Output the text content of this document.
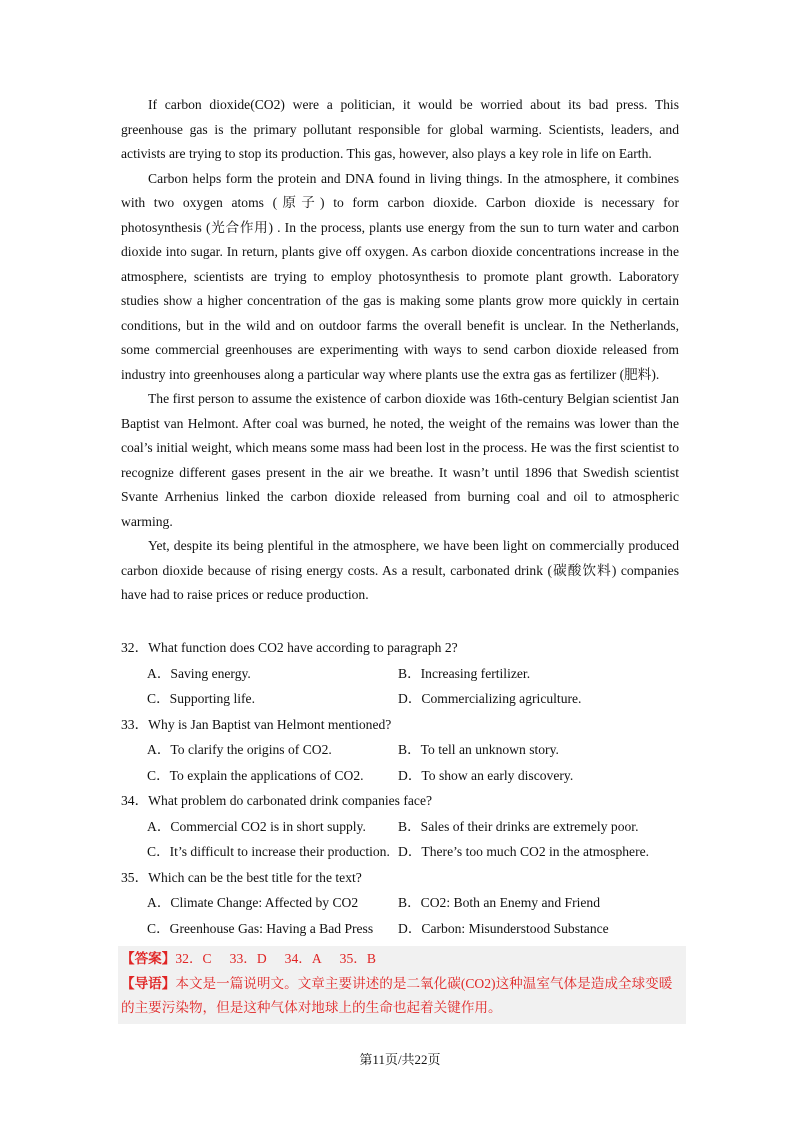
If carbon dioxide(CO2) were a politician, it would be worried about its bad press. This greenhouse gas is the primary pollutant responsible for global warming. Scientists, leaders, and activists are trying to stop its production. This gas, however, also plays a key role in life on Earth.

Carbon helps form the protein and DNA found in living things. In the atmosphere, it combines with two oxygen atoms (原子) to form carbon dioxide. Carbon dioxide is necessary for photosynthesis (光合作用) . In the process, plants use energy from the sun to turn water and carbon dioxide into sugar. In return, plants give off oxygen. As carbon dioxide concentrations increase in the atmosphere, scientists are trying to employ photosynthesis to promote plant growth. Laboratory studies show a higher concentration of the gas is making some plants grow more quickly in certain conditions, but in the wild and on outdoor farms the overall benefit is unclear. In the Netherlands, some commercial greenhouses are experimenting with ways to send carbon dioxide released from industry into greenhouses along a particular way where plants use the extra gas as fertilizer (肥料).

The first person to assume the existence of carbon dioxide was 16th-century Belgian scientist Jan Baptist van Helmont. After coal was burned, he noted, the weight of the remains was lower than the coal’s initial weight, which means some mass had been lost in the process. He was the first scientist to recognize different gases present in the air we breathe. It wasn’t until 1896 that Swedish scientist Svante Arrhenius linked the carbon dioxide released from burning coal and oil to atmospheric warming.

Yet, despite its being plentiful in the atmosphere, we have been light on commercially produced carbon dioxide because of rising energy costs. As a result, carbonated drink (碳酸饮料) companies have had to raise prices or reduce production.

32．What function does CO2 have according to paragraph 2?

A．Saving energy.	B．Increasing fertilizer.
C．Supporting life.	D．Commercializing agriculture.

33．Why is Jan Baptist van Helmont mentioned?

A．To clarify the origins of CO2.	B．To tell an unknown story.
C．To explain the applications of CO2.	D．To show an early discovery.

34．What problem do carbonated drink companies face?

A．Commercial CO2 is in short supply.	B．Sales of their drinks are extremely poor.
C．It’s difficult to increase their production. D．There’s too much CO2 in the atmosphere.

35．Which can be the best title for the text?

A．Climate Change: Affected by CO2	B．CO2: Both an Enemy and Friend
C．Greenhouse Gas: Having a Bad Press	D．Carbon: Misunderstood Substance

【答案】32．C 33．D 34．A 35．B

【导语】本文是一篇说明文。文章主要讲述的是二氧化碳(CO2)这种温室气体是造成全球变暖的主要污染物，但是这种气体对地球上的生命也起着关键作用。

第11页/共22页
